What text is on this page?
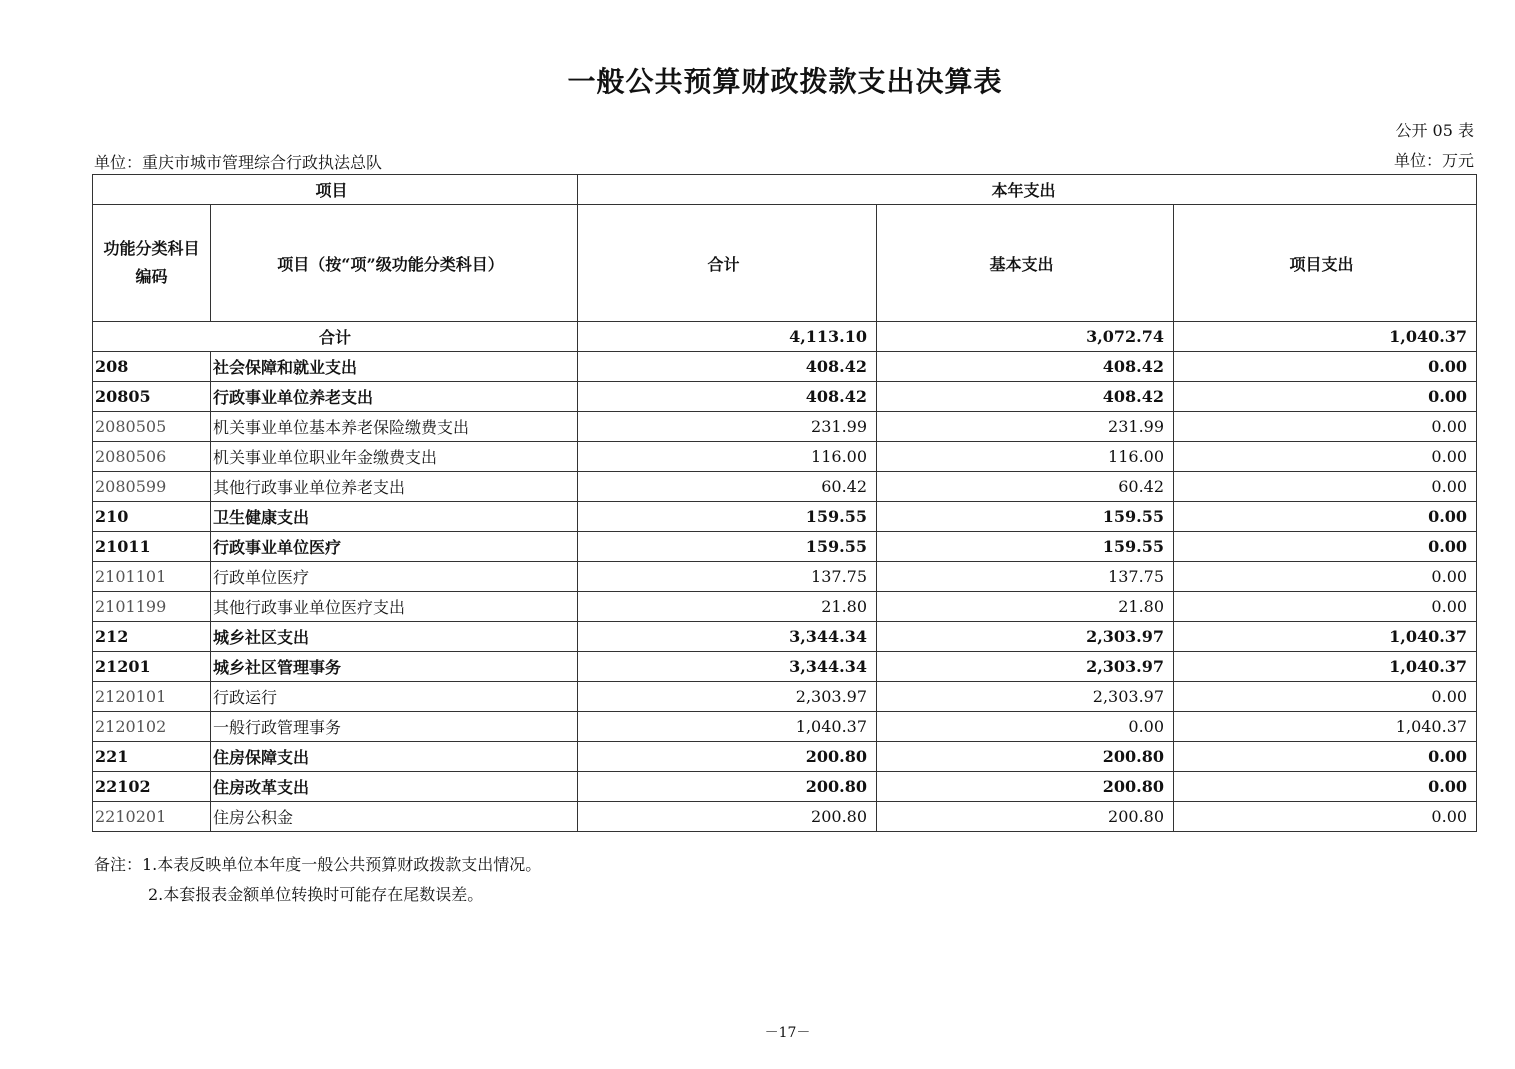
一般公共预算财政拨款支出决算表
公开 05 表
单位：重庆市城市管理综合行政执法总队	单位：万元
项目		本年支出		
功能分类科目编码	项目（按“项”级功能分类科目）	合计	基本支出	项目支出
合计		4,113.10	3,072.74	1,040.37
208	社会保障和就业支出	408.42	408.42	0.00
20805	行政事业单位养老支出	408.42	408.42	0.00
2080505	机关事业单位基本养老保险缴费支出	231.99	231.99	0.00
2080506	机关事业单位职业年金缴费支出	116.00	116.00	0.00
2080599	其他行政事业单位养老支出	60.42	60.42	0.00
210	卫生健康支出	159.55	159.55	0.00
21011	行政事业单位医疗	159.55	159.55	0.00
2101101	行政单位医疗	137.75	137.75	0.00
2101199	其他行政事业单位医疗支出	21.80	21.80	0.00
212	城乡社区支出	3,344.34	2,303.97	1,040.37
21201	城乡社区管理事务	3,344.34	2,303.97	1,040.37
2120101	行政运行	2,303.97	2,303.97	0.00
2120102	一般行政管理事务	1,040.37	0.00	1,040.37
221	住房保障支出	200.80	200.80	0.00
22102	住房改革支出	200.80	200.80	0.00
2210201	住房公积金	200.80	200.80	0.00
备注：1.本表反映单位本年度一般公共预算财政拨款支出情况。
2.本套报表金额单位转换时可能存在尾数误差。
－17－
